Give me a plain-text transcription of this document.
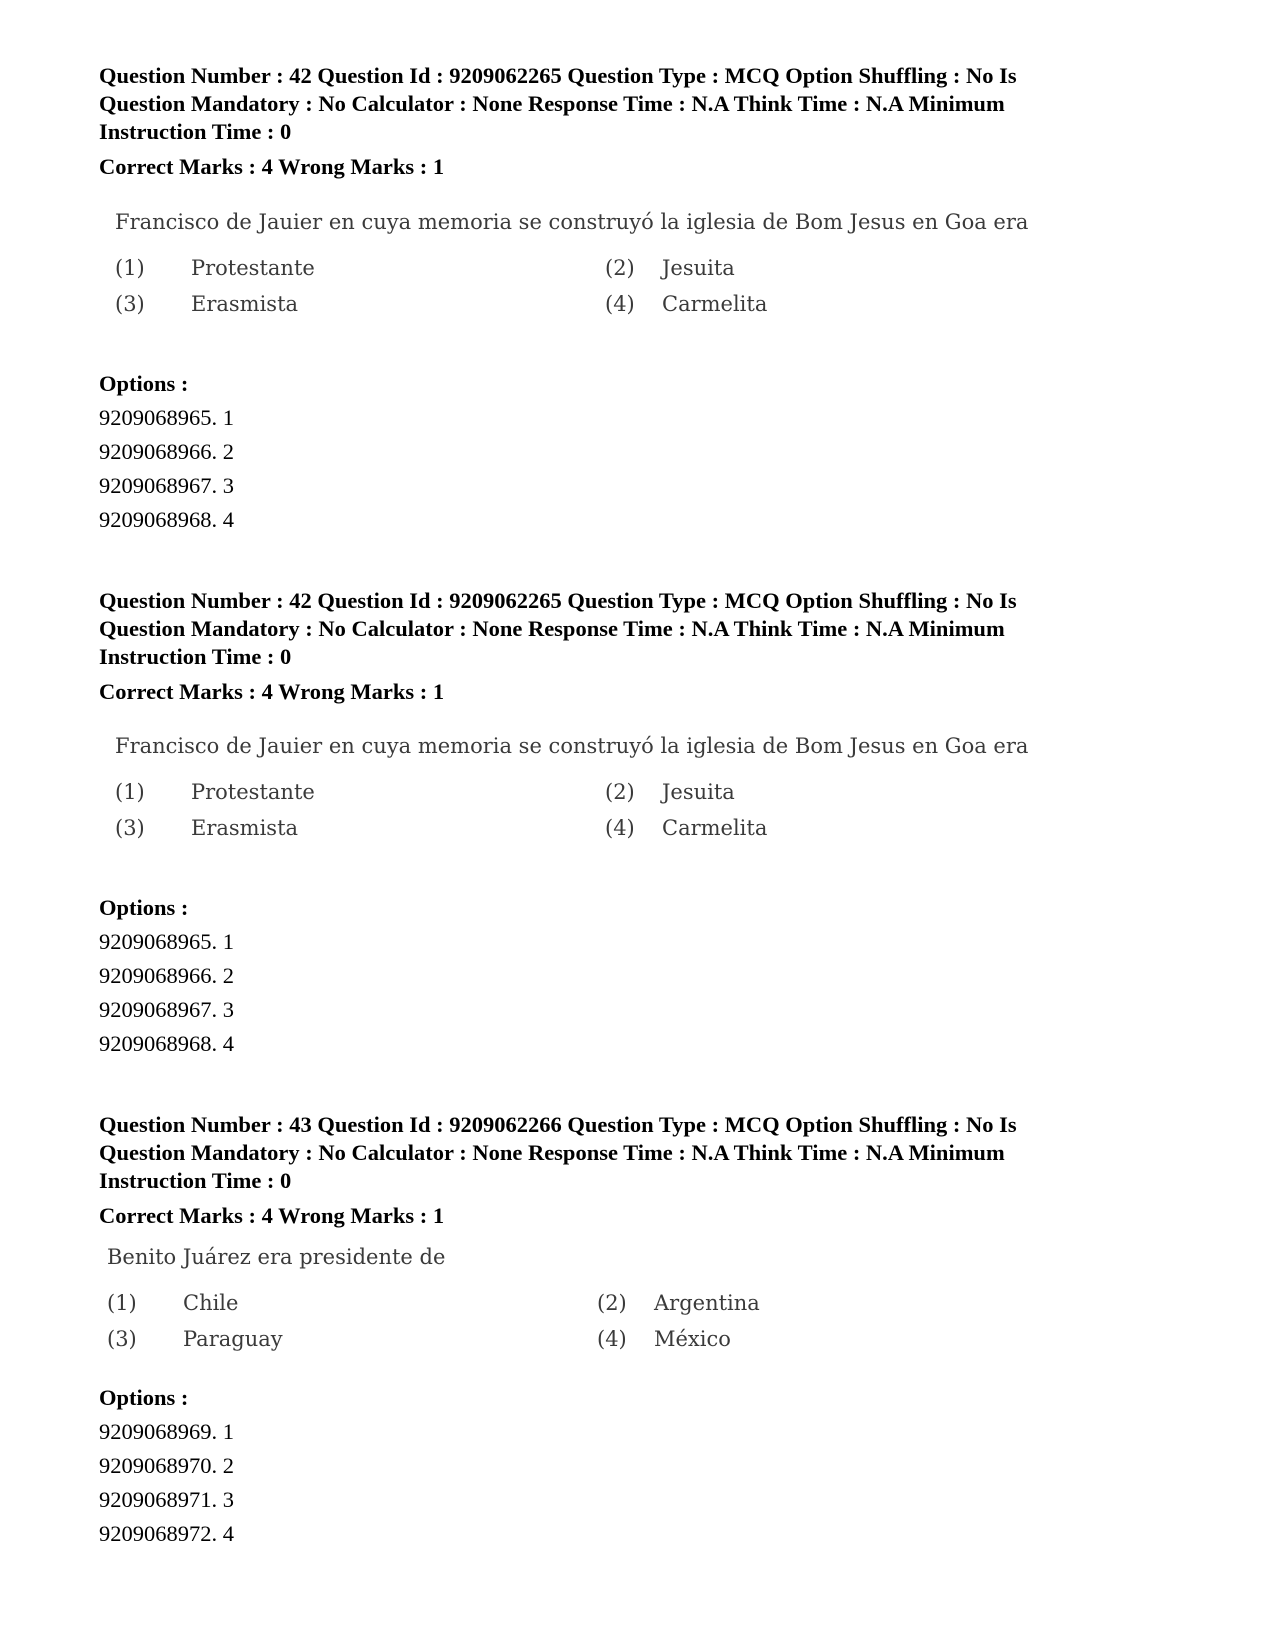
Question Number : 42 Question Id : 9209062265 Question Type : MCQ Option Shuffling : No Is
Question Mandatory : No Calculator : None Response Time : N.A Think Time : N.A Minimum
Instruction Time : 0
Correct Marks : 4 Wrong Marks : 1
Francisco de Jauier en cuya memoria se construyó la iglesia de Bom Jesus en Goa era
(1) Protestante	(2) Jesuita
(3) Erasmista	(4) Carmelita
Options :
9209068965. 1
9209068966. 2
9209068967. 3
9209068968. 4
Question Number : 42 Question Id : 9209062265 Question Type : MCQ Option Shuffling : No Is
Question Mandatory : No Calculator : None Response Time : N.A Think Time : N.A Minimum
Instruction Time : 0
Correct Marks : 4 Wrong Marks : 1
Francisco de Jauier en cuya memoria se construyó la iglesia de Bom Jesus en Goa era
(1) Protestante	(2) Jesuita
(3) Erasmista	(4) Carmelita
Options :
9209068965. 1
9209068966. 2
9209068967. 3
9209068968. 4
Question Number : 43 Question Id : 9209062266 Question Type : MCQ Option Shuffling : No Is
Question Mandatory : No Calculator : None Response Time : N.A Think Time : N.A Minimum
Instruction Time : 0
Correct Marks : 4 Wrong Marks : 1
Benito Juárez era presidente de
(1) Chile	(2) Argentina
(3) Paraguay	(4) México
Options :
9209068969. 1
9209068970. 2
9209068971. 3
9209068972. 4
